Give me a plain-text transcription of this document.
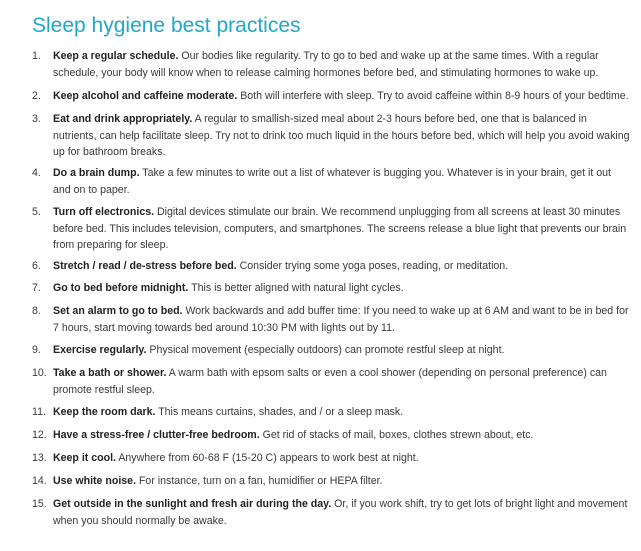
Sleep hygiene best practices
1.	Keep a regular schedule. Our bodies like regularity. Try to go to bed and wake up at the same times. With a regular schedule, your body will know when to release calming hormones before bed, and stimulating hormones to wake up.
2.	Keep alcohol and caffeine moderate. Both will interfere with sleep. Try to avoid caffeine within 8-9 hours of your bedtime.
3.	Eat and drink appropriately. A regular to smallish-sized meal about 2-3 hours before bed, one that is balanced in nutrients, can help facilitate sleep. Try not to drink too much liquid in the hours before bed, which will help you avoid waking up for bathroom breaks.
4.	Do a brain dump. Take a few minutes to write out a list of whatever is bugging you. Whatever is in your brain, get it out and on to paper.
5.	Turn off electronics. Digital devices stimulate our brain. We recommend unplugging from all screens at least 30 minutes before bed. This includes television, computers, and smartphones. The screens release a blue light that prevents our brain from preparing for sleep.
6.	Stretch / read / de-stress before bed. Consider trying some yoga poses, reading, or meditation.
7.	Go to bed before midnight. This is better aligned with natural light cycles.
8.	Set an alarm to go to bed. Work backwards and add buffer time: If you need to wake up at 6 AM and want to be in bed for 7 hours, start moving towards bed around 10:30 PM with lights out by 11.
9.	Exercise regularly. Physical movement (especially outdoors) can promote restful sleep at night.
10. Take a bath or shower. A warm bath with epsom salts or even a cool shower (depending on personal preference) can promote restful sleep.
11. Keep the room dark. This means curtains, shades, and / or a sleep mask.
12. Have a stress-free / clutter-free bedroom. Get rid of stacks of mail, boxes, clothes strewn about, etc.
13. Keep it cool. Anywhere from 60-68 F (15-20 C) appears to work best at night.
14. Use white noise. For instance, turn on a fan, humidifier or HEPA filter.
15. Get outside in the sunlight and fresh air during the day. Or, if you work shift, try to get lots of bright light and movement when you should normally be awake.
